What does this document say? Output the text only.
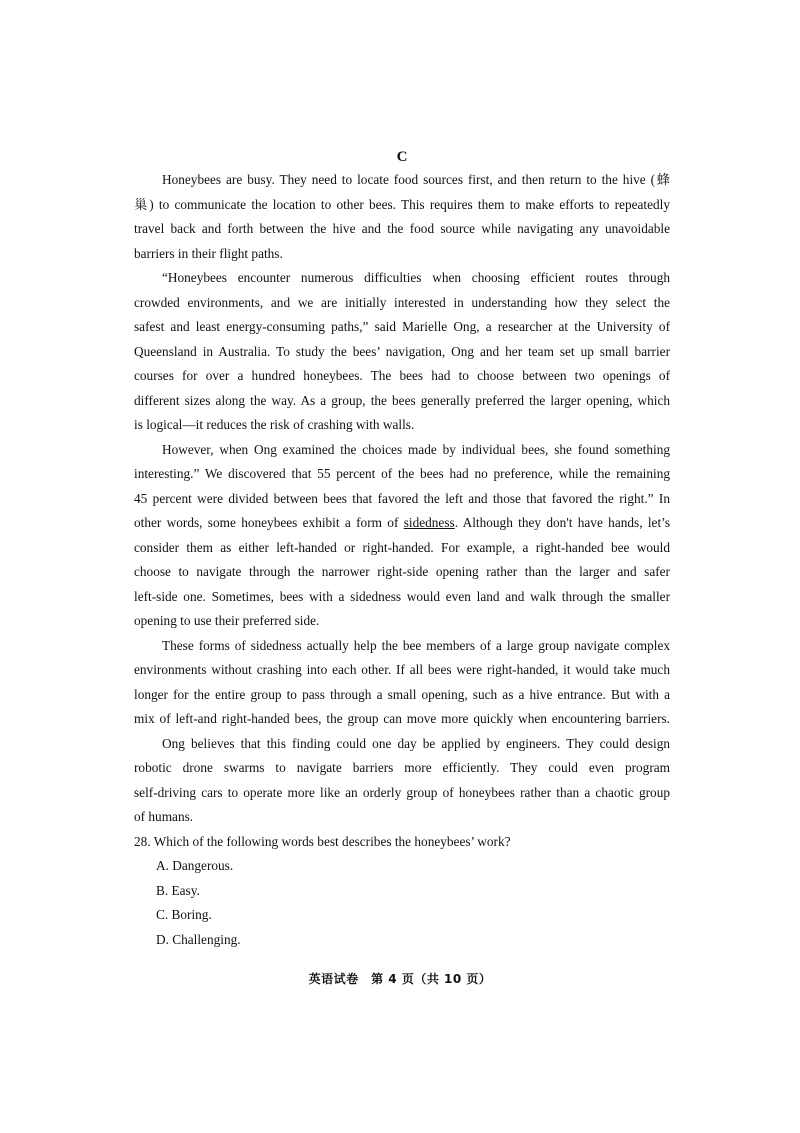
C

Honeybees are busy. They need to locate food sources first, and then return to the hive (蜂
巢) to communicate the location to other bees. This requires them to make efforts to repeatedly
travel back and forth between the hive and the food source while navigating any unavoidable
barriers in their flight paths.

“Honeybees encounter numerous difficulties when choosing efficient routes through
crowded environments, and we are initially interested in understanding how they select the
safest and least energy-consuming paths,” said Marielle Ong, a researcher at the University of
Queensland in Australia. To study the bees’ navigation, Ong and her team set up small barrier
courses for over a hundred honeybees. The bees had to choose between two openings of
different sizes along the way. As a group, the bees generally preferred the larger opening, which
is logical—it reduces the risk of crashing with walls.

However, when Ong examined the choices made by individual bees, she found something
interesting.” We discovered that 55 percent of the bees had no preference, while the remaining
45 percent were divided between bees that favored the left and those that favored the right.” In
other words, some honeybees exhibit a form of sidedness. Although they don't have hands, let’s
consider them as either left-handed or right-handed. For example, a right-handed bee would
choose to navigate through the narrower right-side opening rather than the larger and safer
left-side one. Sometimes, bees with a sidedness would even land and walk through the smaller
opening to use their preferred side.

These forms of sidedness actually help the bee members of a large group navigate complex
environments without crashing into each other. If all bees were right-handed, it would take much
longer for the entire group to pass through a small opening, such as a hive entrance. But with a
mix of left-and right-handed bees, the group can move more quickly when encountering barriers.

Ong believes that this finding could one day be applied by engineers. They could design
robotic drone swarms to navigate barriers more efficiently. They could even program
self-driving cars to operate more like an orderly group of honeybees rather than a chaotic group
of humans.

28. Which of the following words best describes the honeybees’ work?

A. Dangerous.

B. Easy.

C. Boring.

D. Challenging.

英语试卷　第 4 页（共 10 页）
